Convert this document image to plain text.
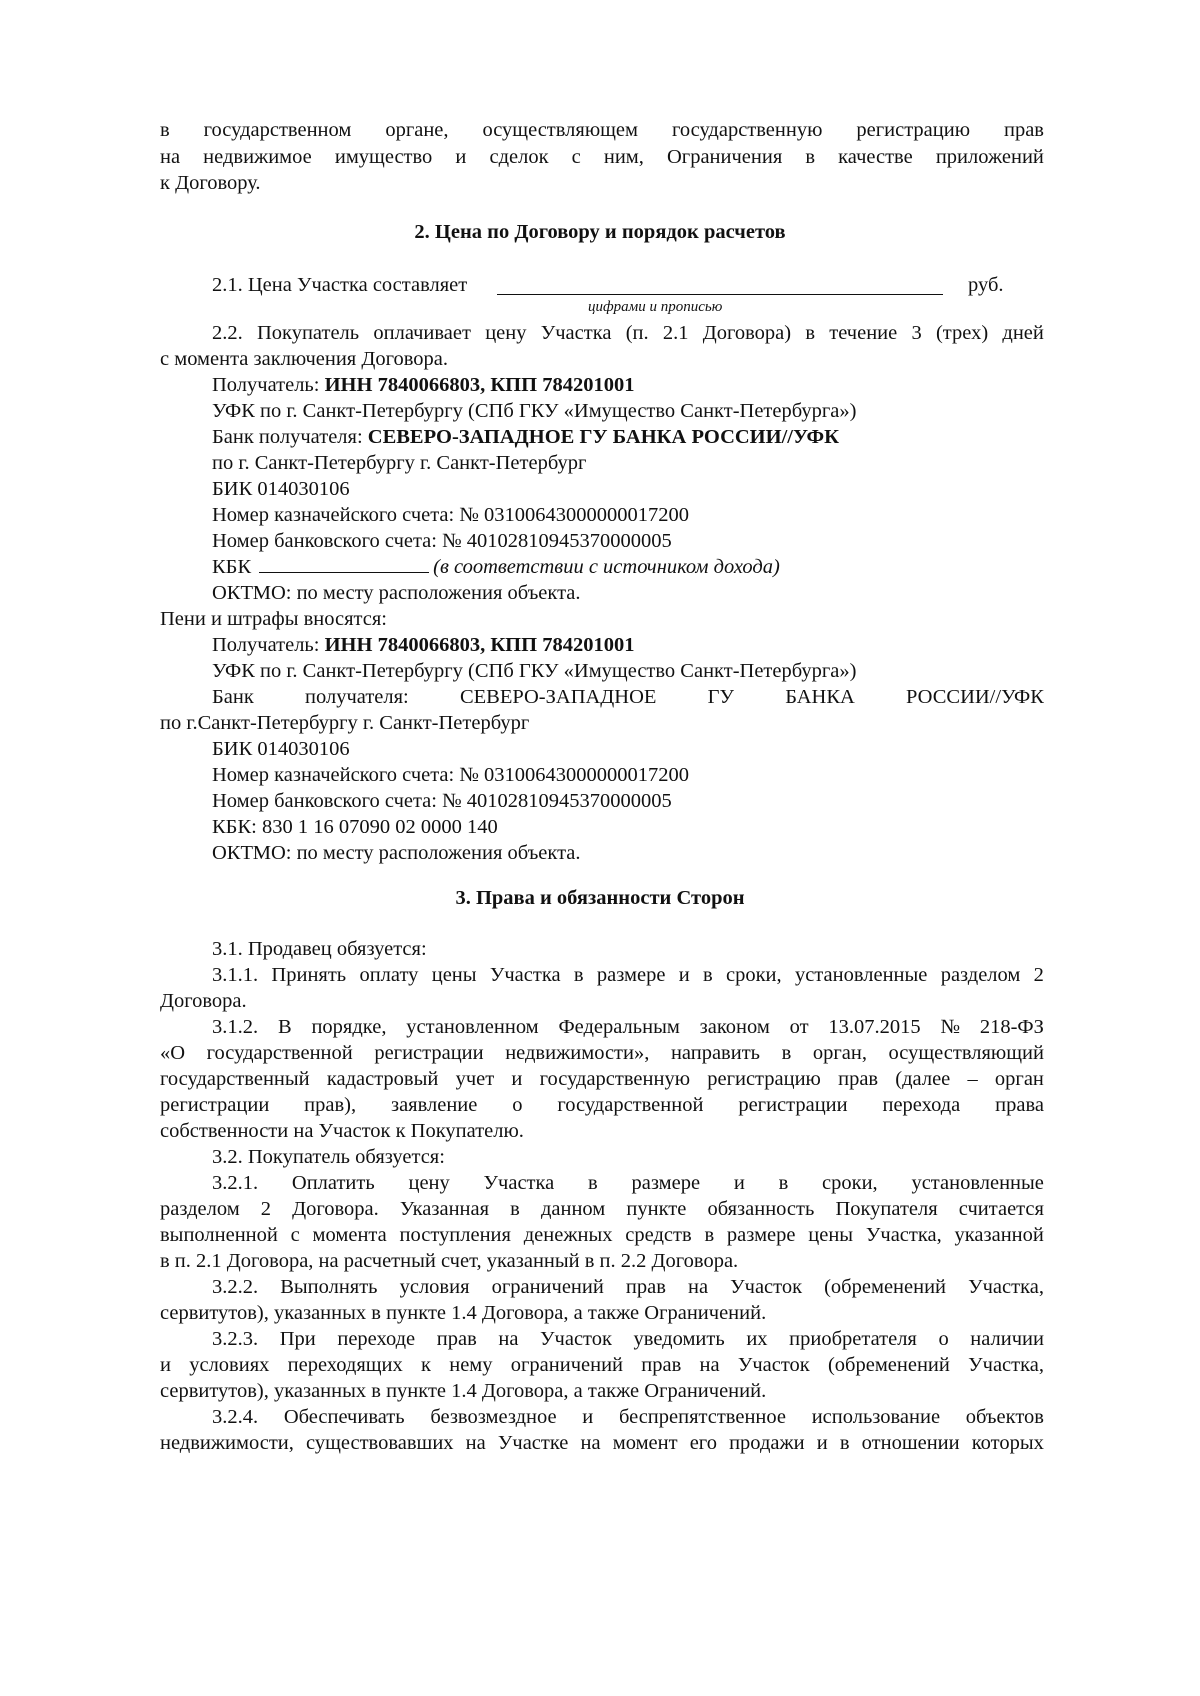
в государственном органе, осуществляющем государственную регистрацию прав
на недвижимое имущество и сделок с ним, Ограничения в качестве приложений
к Договору.
2. Цена по Договору и порядок расчетов
2.1. Цена Участка составляет	руб.
цифрами и прописью
2.2. Покупатель оплачивает цену Участка (п. 2.1 Договора) в течение 3 (трех) дней
с момента заключения Договора.
Получатель: ИНН 7840066803, КПП 784201001
УФК по г. Санкт-Петербургу (СПб ГКУ «Имущество Санкт-Петербурга»)
Банк получателя: СЕВЕРО-ЗАПАДНОЕ ГУ БАНКА РОССИИ//УФК
по г. Санкт-Петербургу г. Санкт-Петербург
БИК 014030106
Номер казначейского счета: № 03100643000000017200
Номер банковского счета: № 40102810945370000005
КБК	(в соответствии с источником дохода)
ОКТМО: по месту расположения объекта.
Пени и штрафы вносятся:
Получатель: ИНН 7840066803, КПП 784201001
УФК по г. Санкт-Петербургу (СПб ГКУ «Имущество Санкт-Петербурга»)
Банк получателя: СЕВЕРО-ЗАПАДНОЕ ГУ БАНКА РОССИИ//УФК
по г.Санкт-Петербургу г. Санкт-Петербург
БИК 014030106
Номер казначейского счета: № 03100643000000017200
Номер банковского счета: № 40102810945370000005
КБК: 830 1 16 07090 02 0000 140
ОКТМО: по месту расположения объекта.
3. Права и обязанности Сторон
3.1. Продавец обязуется:
3.1.1. Принять оплату цены Участка в размере и в сроки, установленные разделом 2
Договора.
3.1.2. В порядке, установленном Федеральным законом от 13.07.2015 № 218-ФЗ
«О государственной регистрации недвижимости», направить в орган, осуществляющий
государственный кадастровый учет и государственную регистрацию прав (далее – орган
регистрации прав), заявление о государственной регистрации перехода права
собственности на Участок к Покупателю.
3.2. Покупатель обязуется:
3.2.1. Оплатить цену Участка в размере и в сроки, установленные
разделом 2 Договора. Указанная в данном пункте обязанность Покупателя считается
выполненной с момента поступления денежных средств в размере цены Участка, указанной
в п. 2.1 Договора, на расчетный счет, указанный в п. 2.2 Договора.
3.2.2. Выполнять условия ограничений прав на Участок (обременений Участка,
сервитутов), указанных в пункте 1.4 Договора, а также Ограничений.
3.2.3. При переходе прав на Участок уведомить их приобретателя о наличии
и условиях переходящих к нему ограничений прав на Участок (обременений Участка,
сервитутов), указанных в пункте 1.4 Договора, а также Ограничений.
3.2.4. Обеспечивать безвозмездное и беспрепятственное использование объектов
недвижимости, существовавших на Участке на момент его продажи и в отношении которых
